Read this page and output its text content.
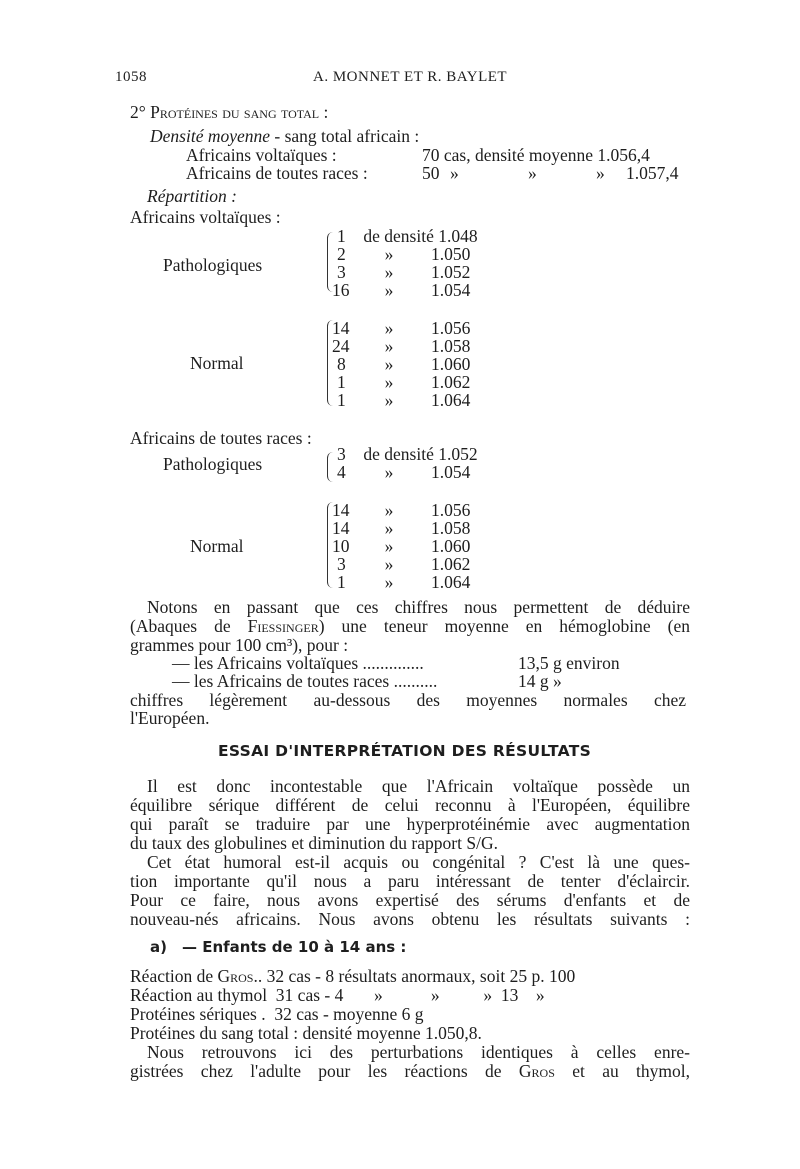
1058	A. MONNET ET R. BAYLET
2° Protéines du sang total :
Densité moyenne - sang total africain :
Africains voltaïques :	70 cas, densité moyenne 1.056,4
Africains de toutes races :	50 »	»	» 1.057,4
Répartition :
Africains voltaïques :
Pathologiques
1 de densité 1.048
2 » 1.050
3 » 1.052
16 » 1.054
Normal
14 » 1.056
24 » 1.058
8 » 1.060
1 » 1.062
1 » 1.064
Africains de toutes races :
Pathologiques	3 de densité 1.052
4 » 1.054
Normal
14 » 1.056
14 » 1.058
10 » 1.060
3 » 1.062
1 » 1.064
Notons en passant que ces chiffres nous permettent de déduire
(Abaques de Fiessinger) une teneur moyenne en hémoglobine (en
grammes pour 100 cm³), pour :
— les Africains voltaïques ..............	13,5 g environ
— les Africains de toutes races ..........	14 g »
chiffres légèrement au-dessous des moyennes normales chez
l'Européen.
ESSAI D'INTERPRÉTATION DES RÉSULTATS
Il est donc incontestable que l'Africain voltaïque possède un
équilibre sérique différent de celui reconnu à l'Européen, équilibre
qui paraît se traduire par une hyperprotéinémie avec augmentation
du taux des globulines et diminution du rapport S/G.
Cet état humoral est-il acquis ou congénital ? C'est là une ques-
tion importante qu'il nous a paru intéressant de tenter d'éclaircir.
Pour ce faire, nous avons expertisé des sérums d'enfants et de
nouveau-nés africains. Nous avons obtenu les résultats suivants :
a) — Enfants de 10 à 14 ans :
Réaction de Gros.. 32 cas - 8 résultats anormaux, soit 25 p. 100
Réaction au thymol  31 cas - 4       »           »          »  13    »
Protéines sériques .  32 cas - moyenne 6 g
Protéines du sang total : densité moyenne 1.050,8.
Nous retrouvons ici des perturbations identiques à celles enre-
gistrées chez l'adulte pour les réactions de Gros et au thymol,
